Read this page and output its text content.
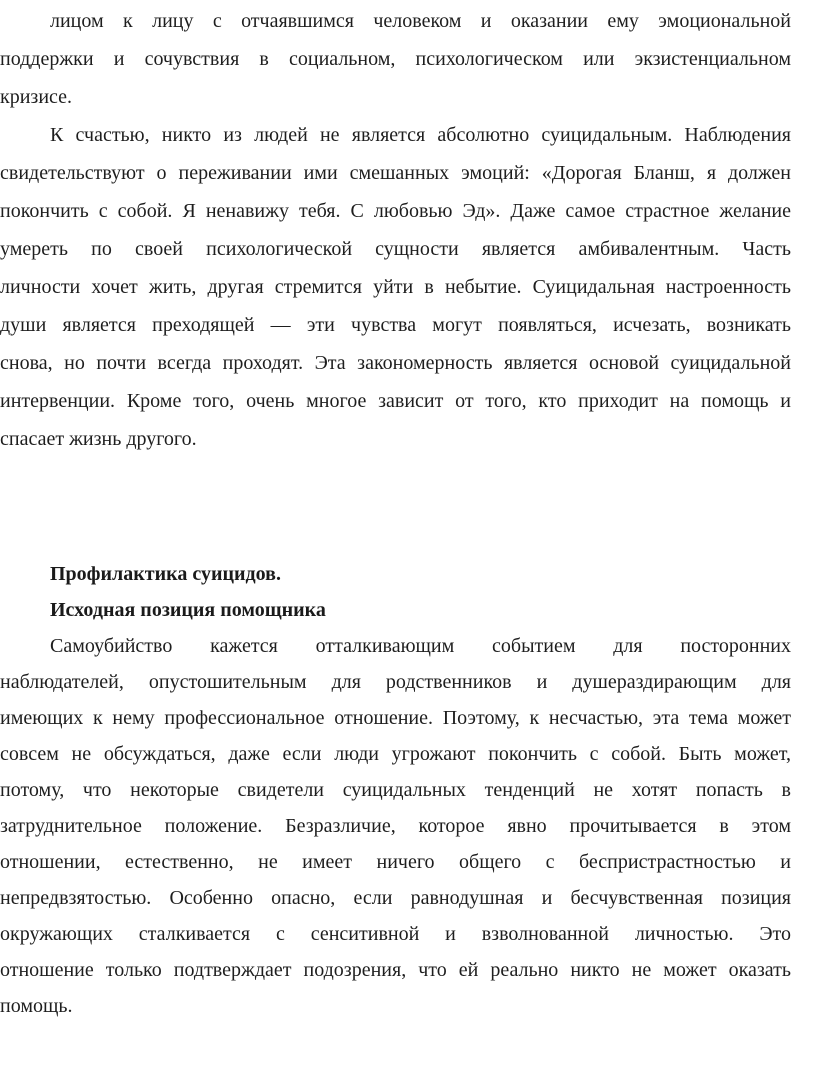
лицом к лицу с отчаявшимся человеком и оказании ему эмоциональной
поддержки и сочувствия в социальном, психологическом или экзистенциальном
кризисе.
К счастью, никто из людей не является абсолютно суицидальным. Наблюдения
свидетельствуют о переживании ими смешанных эмоций: «Дорогая Бланш, я должен
покончить с собой. Я ненавижу тебя. С любовью Эд». Даже самое страстное желание
умереть по своей психологической сущности является амбивалентным. Часть
личности хочет жить, другая стремится уйти в небытие. Суицидальная настроенность
души является преходящей — эти чувства могут появляться, исчезать, возникать
снова, но почти всегда проходят. Эта закономерность является основой суицидальной
интервенции. Кроме того, очень многое зависит от того, кто приходит на помощь и
спасает жизнь другого.
Профилактика суицидов.
Исходная позиция помощника
Самоубийство кажется отталкивающим событием для посторонних
наблюдателей, опустошительным для родственников и душераздирающим для
имеющих к нему профессиональное отношение. Поэтому, к несчастью, эта тема может
совсем не обсуждаться, даже если люди угрожают покончить с собой. Быть может,
потому, что некоторые свидетели суицидальных тенденций не хотят попасть в
затруднительное положение. Безразличие, которое явно прочитывается в этом
отношении, естественно, не имеет ничего общего с беспристрастностью и
непредвзятостью. Особенно опасно, если равнодушная и бесчувственная позиция
окружающих сталкивается с сенситивной и взволнованной личностью. Это
отношение только подтверждает подозрения, что ей реально никто не может оказать
помощь.
